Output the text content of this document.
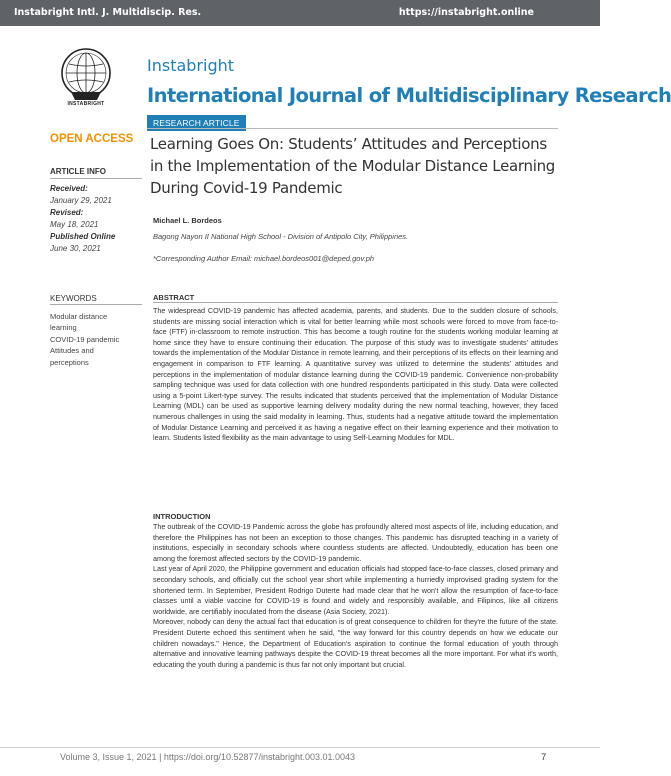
Instabright Intl. J. Multidiscip. Res.	https://instabright.online
INSTABRIGHT
Instabright
International Journal of Multidisciplinary Research
OPEN ACCESS
RESEARCH ARTICLE
Learning Goes On: Students’ Attitudes and Perceptions in the Implementation of the Modular Distance Learning During Covid-19 Pandemic
ARTICLE INFO
Received:
January 29, 2021
Revised:
May 18, 2021
Published Online
June 30, 2021
Michael L. Bordeos
Bagong Nayon II National High School - Division of Antipolo City, Philippines.
*Corresponding Author Email: michael.bordeos001@deped.gov.ph
KEYWORDS
Modular distance
learning
COVID-19 pandemic
Attitudes and
perceptions
ABSTRACT
The widespread COVID-19 pandemic has affected academia, parents, and students. Due to the sudden closure of schools, students are missing social interaction which is vital for better learning while most schools were forced to move from face-to-face (FTF) in-classroom to remote instruction. This has become a tough routine for the students working modular learning at home since they have to ensure continuing their education. The purpose of this study was to investigate students' attitudes towards the implementation of the Modular Distance in remote learning, and their perceptions of its effects on their learning and engagement in comparison to FTF learning. A quantitative survey was utilized to determine the students' attitudes and perceptions in the implementation of modular distance learning during the COVID-19 pandemic. Convenience non-probability sampling technique was used for data collection with one hundred respondents participated in this study. Data were collected using a 5-point Likert-type survey. The results indicated that students perceived that the implementation of Modular Distance Learning (MDL) can be used as supportive learning delivery modality during the new normal teaching, however, they faced numerous challenges in using the said modality in learning. Thus, students had a negative attitude toward the implementation of Modular Distance Learning and perceived it as having a negative effect on their learning experience and their motivation to learn. Students listed flexibility as the main advantage to using Self-Learning Modules for MDL.
INTRODUCTION

The outbreak of the COVID-19 Pandemic across the globe has profoundly altered most aspects of life, including education, and therefore the Philippines has not been an exception to those changes. This pandemic has disrupted teaching in a variety of institutions, especially in secondary schools where countless students are affected. Undoubtedly, education has been one among the foremost affected sectors by the COVID-19 pandemic.

Last year of April 2020, the Philippine government and education officials had stopped face-to-face classes, closed primary and secondary schools, and officially cut the school year short while implementing a hurriedly improvised grading system for the shortened term. In September, President Rodrigo Duterte had made clear that he won't allow the resumption of face-to-face classes until a viable vaccine for COVID-19 is found and widely and responsibly available, and Filipinos, like all citizens worldwide, are certifiably inoculated from the disease (Asia Society, 2021).

Moreover, nobody can deny the actual fact that education is of great consequence to children for they're the future of the state. President Duterte echoed this sentiment when he said, "the way forward for this country depends on how we educate our children nowadays." Hence, the Department of Education's aspiration to continue the formal education of youth through alternative and innovative learning pathways despite the COVID-19 threat becomes all the more important. For what it's worth, educating the youth during a pandemic is thus far not only important but crucial.

Volume 3, Issue 1, 2021 | https://doi.org/10.52877/instabright.003.01.0043	7
